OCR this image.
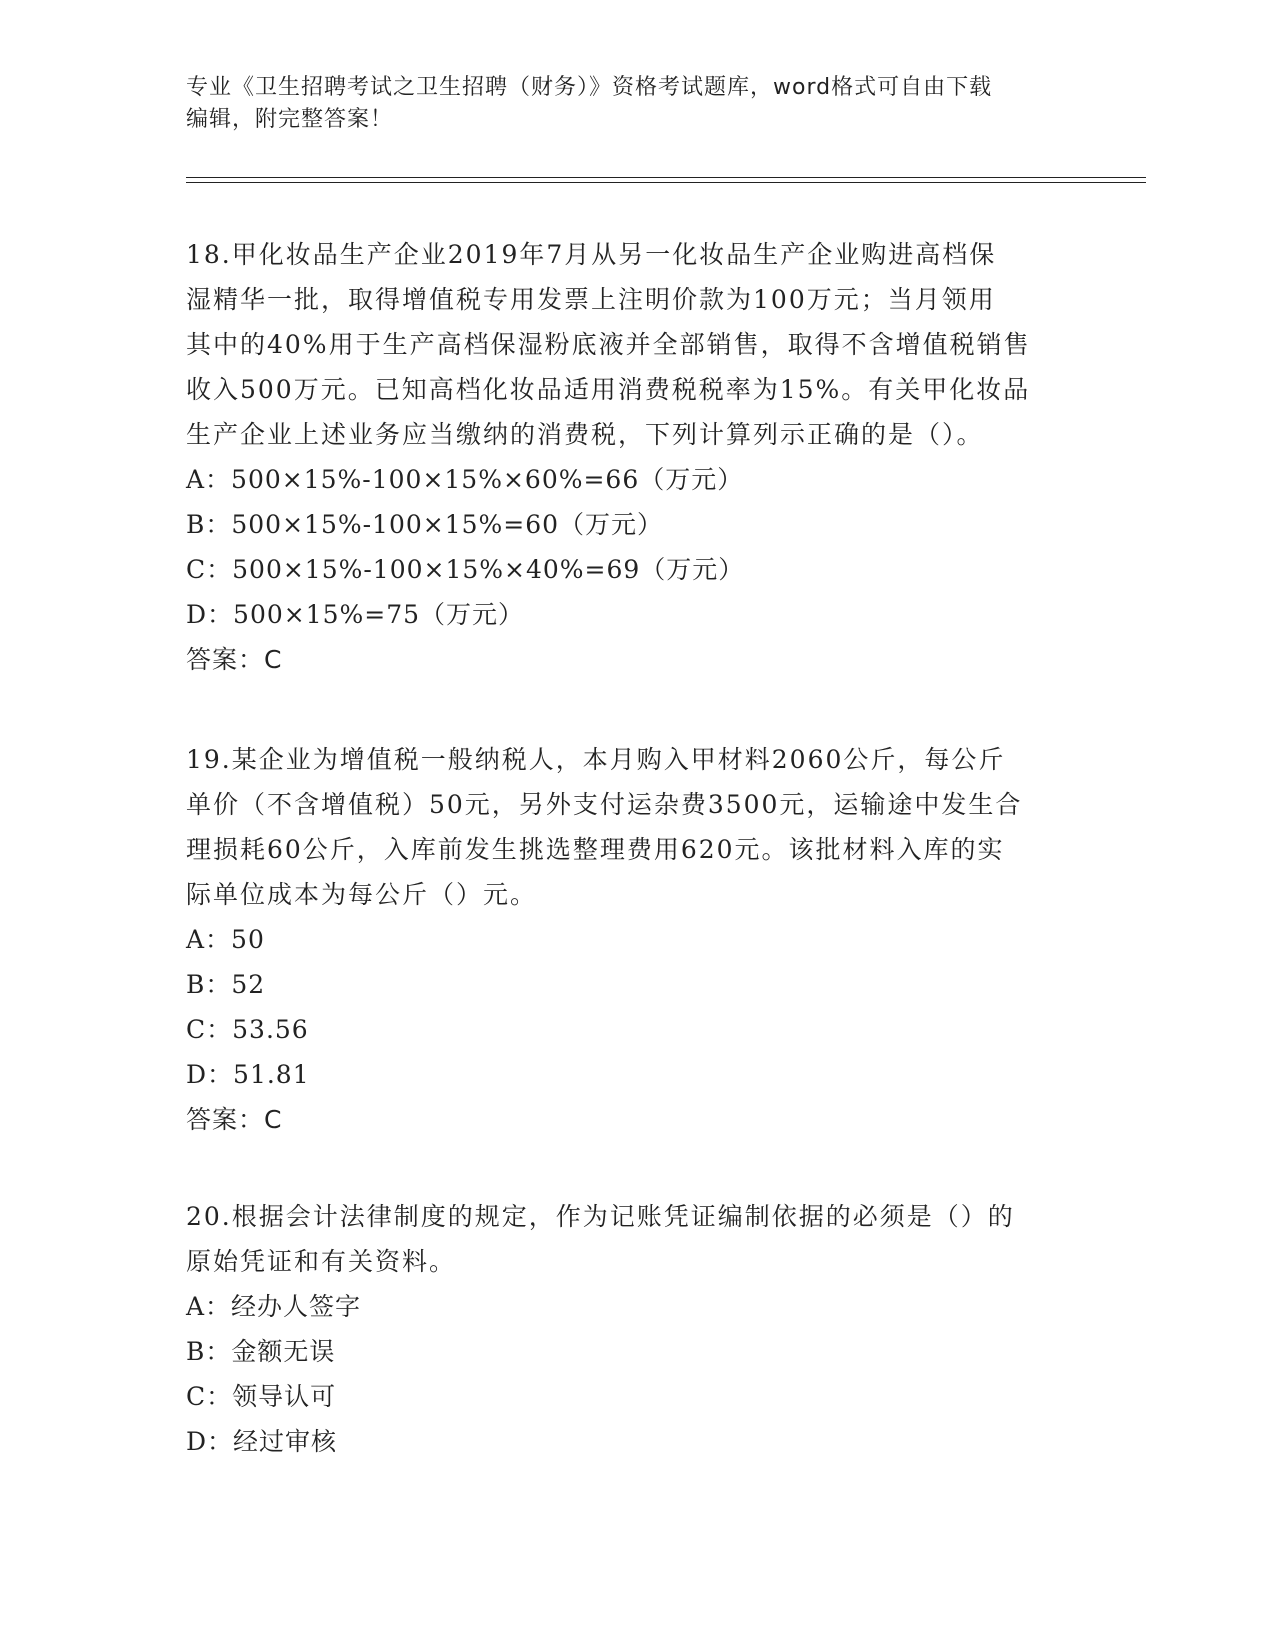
专业《卫生招聘考试之卫生招聘（财务）》资格考试题库，word格式可自由下载
编辑，附完整答案！

18.甲化妆品生产企业2019年7月从另一化妆品生产企业购进高档保

湿精华一批，取得增值税专用发票上注明价款为100万元；当月领用

其中的40%用于生产高档保湿粉底液并全部销售，取得不含增值税销售

收入500万元。已知高档化妆品适用消费税税率为15%。有关甲化妆品

生产企业上述业务应当缴纳的消费税，下列计算列示正确的是（）。

A：500×15%-100×15%×60%=66（万元）

B：500×15%-100×15%=60（万元）

C：500×15%-100×15%×40%=69（万元）

D：500×15%=75（万元）

答案：C

19.某企业为增值税一般纳税人，本月购入甲材料2060公斤，每公斤

单价（不含增值税）50元，另外支付运杂费3500元，运输途中发生合

理损耗60公斤，入库前发生挑选整理费用620元。该批材料入库的实

际单位成本为每公斤（）元。

A：50

B：52

C：53.56

D：51.81

答案：C

20.根据会计法律制度的规定，作为记账凭证编制依据的必须是（）的

原始凭证和有关资料。

A：经办人签字

B：金额无误

C：领导认可

D：经过审核
